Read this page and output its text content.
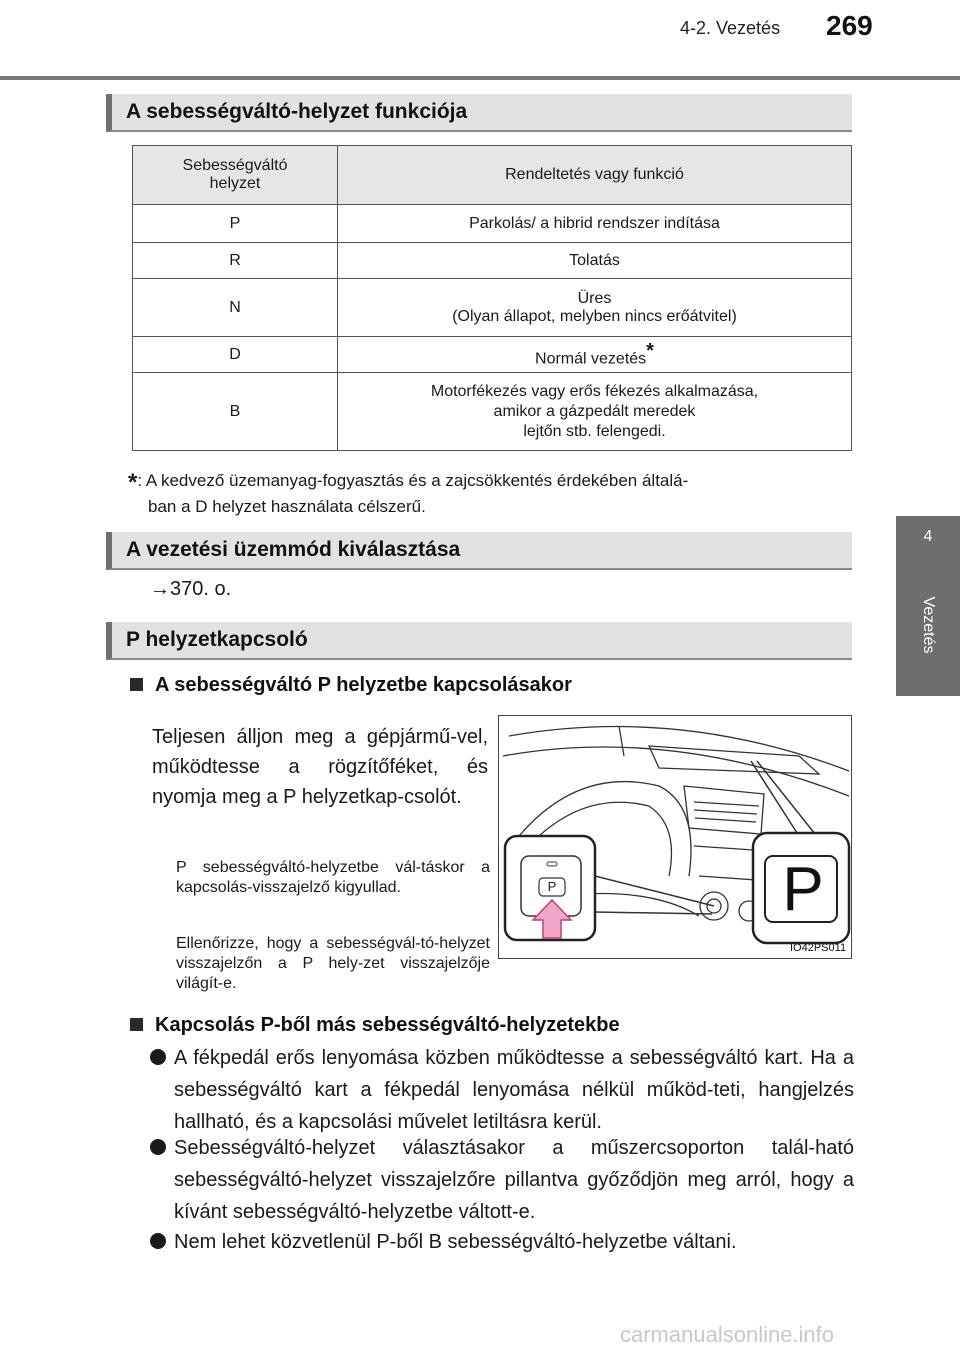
4-2. Vezetés 269
4
Vezetés
A sebességváltó-helyzet funkciója
Sebességváltó
helyzet	Rendeltetés vagy funkció
P	Parkolás/ a hibrid rendszer indítása
R	Tolatás
N	Üres
(Olyan állapot, melyben nincs erőátvitel)
D	Normál vezetés*
B	Motorfékezés vagy erős fékezés alkalmazása,
amikor a gázpedált meredek
lejtőn stb. felengedi.
*: A kedvező üzemanyag-fogyasztás és a zajcsökkentés érdekében általá-
ban a D helyzet használata célszerű.
A vezetési üzemmód kiválasztása
→370. o.
P helyzetkapcsoló
A sebességváltó P helyzetbe kapcsolásakor
Teljesen álljon meg a gépjármű-vel, működtesse a rögzítőféket, és nyomja meg a P helyzetkap-csolót.
P sebességváltó-helyzetbe vál-táskor a kapcsolás-visszajelző kigyullad.
Ellenőrizze, hogy a sebességvál-tó-helyzet visszajelzőn a P hely-zet visszajelzője világít-e.
P
P
IO42PS011
Kapcsolás P-ből más sebességváltó-helyzetekbe
A fékpedál erős lenyomása közben működtesse a sebességváltó kart. Ha a sebességváltó kart a fékpedál lenyomása nélkül működ-teti, hangjelzés hallható, és a kapcsolási művelet letiltásra kerül.
Sebességváltó-helyzet választásakor a műszercsoporton talál-ható sebességváltó-helyzet visszajelzőre pillantva győződjön meg arról, hogy a kívánt sebességváltó-helyzetbe váltott-e.
Nem lehet közvetlenül P-ből B sebességváltó-helyzetbe váltani.
carmanualsonline.info
